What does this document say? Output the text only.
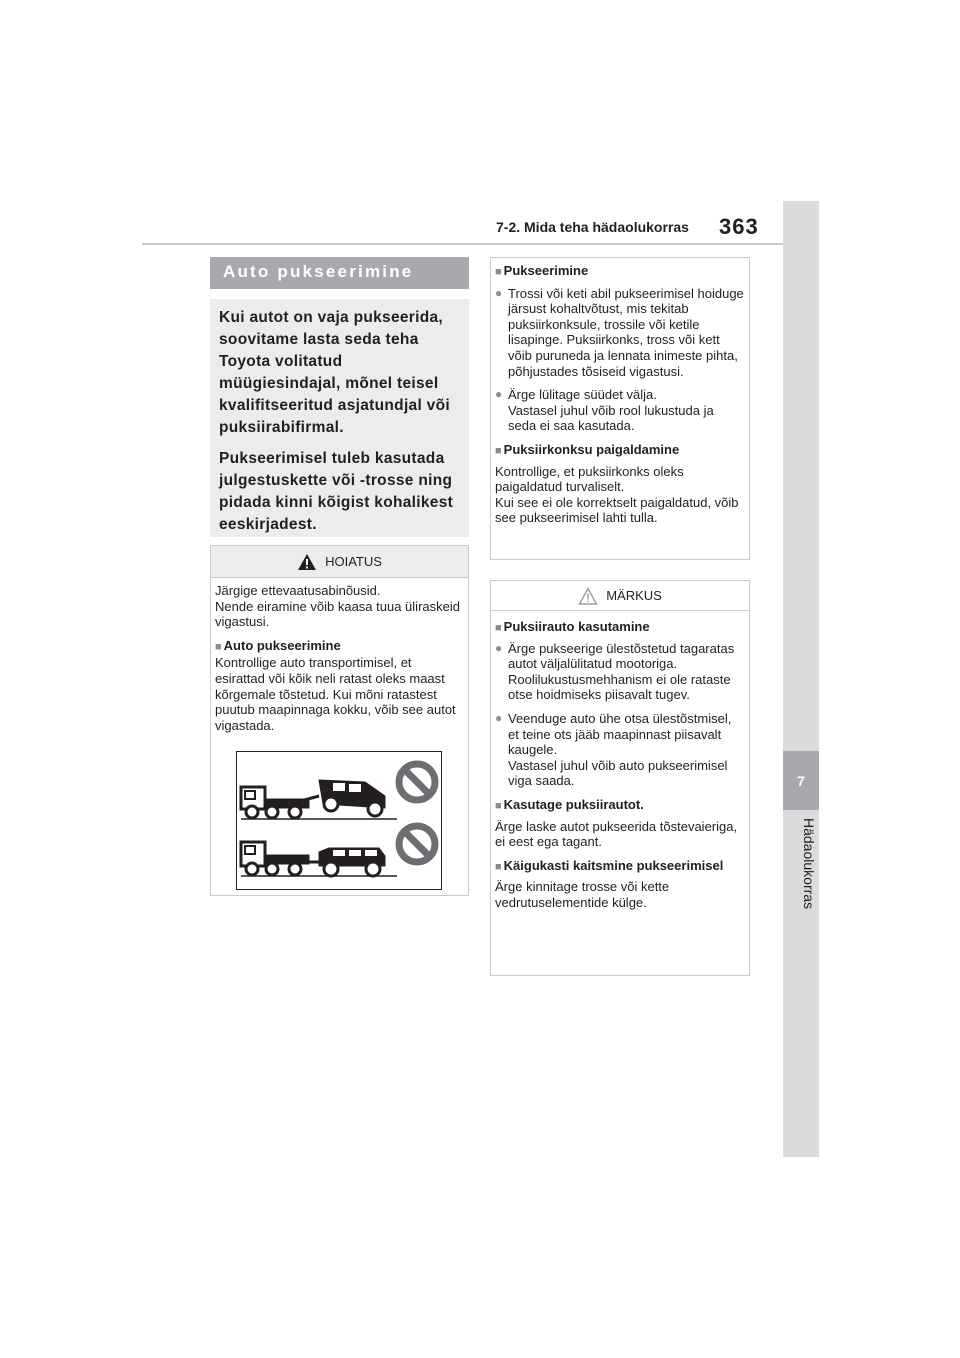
7-2. Mida teha hädaolukorras 363
7
Hädaolukorras
Auto pukseerimine

Kui autot on vaja pukseerida, soovitame lasta seda teha Toyota volitatud müügiesindajal, mõnel teisel kvalifitseeritud asjatundjal või puksiirabifirmal.

Pukseerimisel tuleb kasutada julgestuskette või -trosse ning pidada kinni kõigist kohalikest eeskirjadest.

HOIATUS

Järgige ettevaatusabinõusid.

Nende eiramine võib kaasa tuua üliraskeid vigastusi.

■ Auto pukseerimine

Kontrollige auto transportimisel, et esirattad või kõik neli ratast oleks maast kõrgemale tõstetud. Kui mõni ratastest puutub maapinnaga kokku, võib see autot vigastada.

■ Pukseerimine

● Trossi või keti abil pukseerimisel hoiduge järsust kohaltvõtust, mis tekitab puksiirkonksule, trossile või ketile lisapinge. Puksiirkonks, tross või kett võib puruneda ja lennata inimeste pihta, põhjustades tõsiseid vigastusi.
● Ärge lülitage süüdet välja.
Vastasel juhul võib rool lukustuda ja seda ei saa kasutada.

■ Puksiirkonksu paigaldamine

Kontrollige, et puksiirkonks oleks paigaldatud turvaliselt.

Kui see ei ole korrektselt paigaldatud, võib see pukseerimisel lahti tulla.

MÄRKUS

■ Puksiirauto kasutamine

● Ärge pukseerige ülestõstetud tagaratas autot väljalülitatud mootoriga.
Roolilukustusmehhanism ei ole rataste otse hoidmiseks piisavalt tugev.
● Veenduge auto ühe otsa ülestõstmisel, et teine ots jääb maapinnast piisavalt kaugele.
Vastasel juhul võib auto pukseerimisel viga saada.

■ Kasutage puksiirautot.

Ärge laske autot pukseerida tõstevaieriga, ei eest ega tagant.

■ Käigukasti kaitsmine pukseerimisel

Ärge kinnitage trosse või kette vedrutuselementide külge.
